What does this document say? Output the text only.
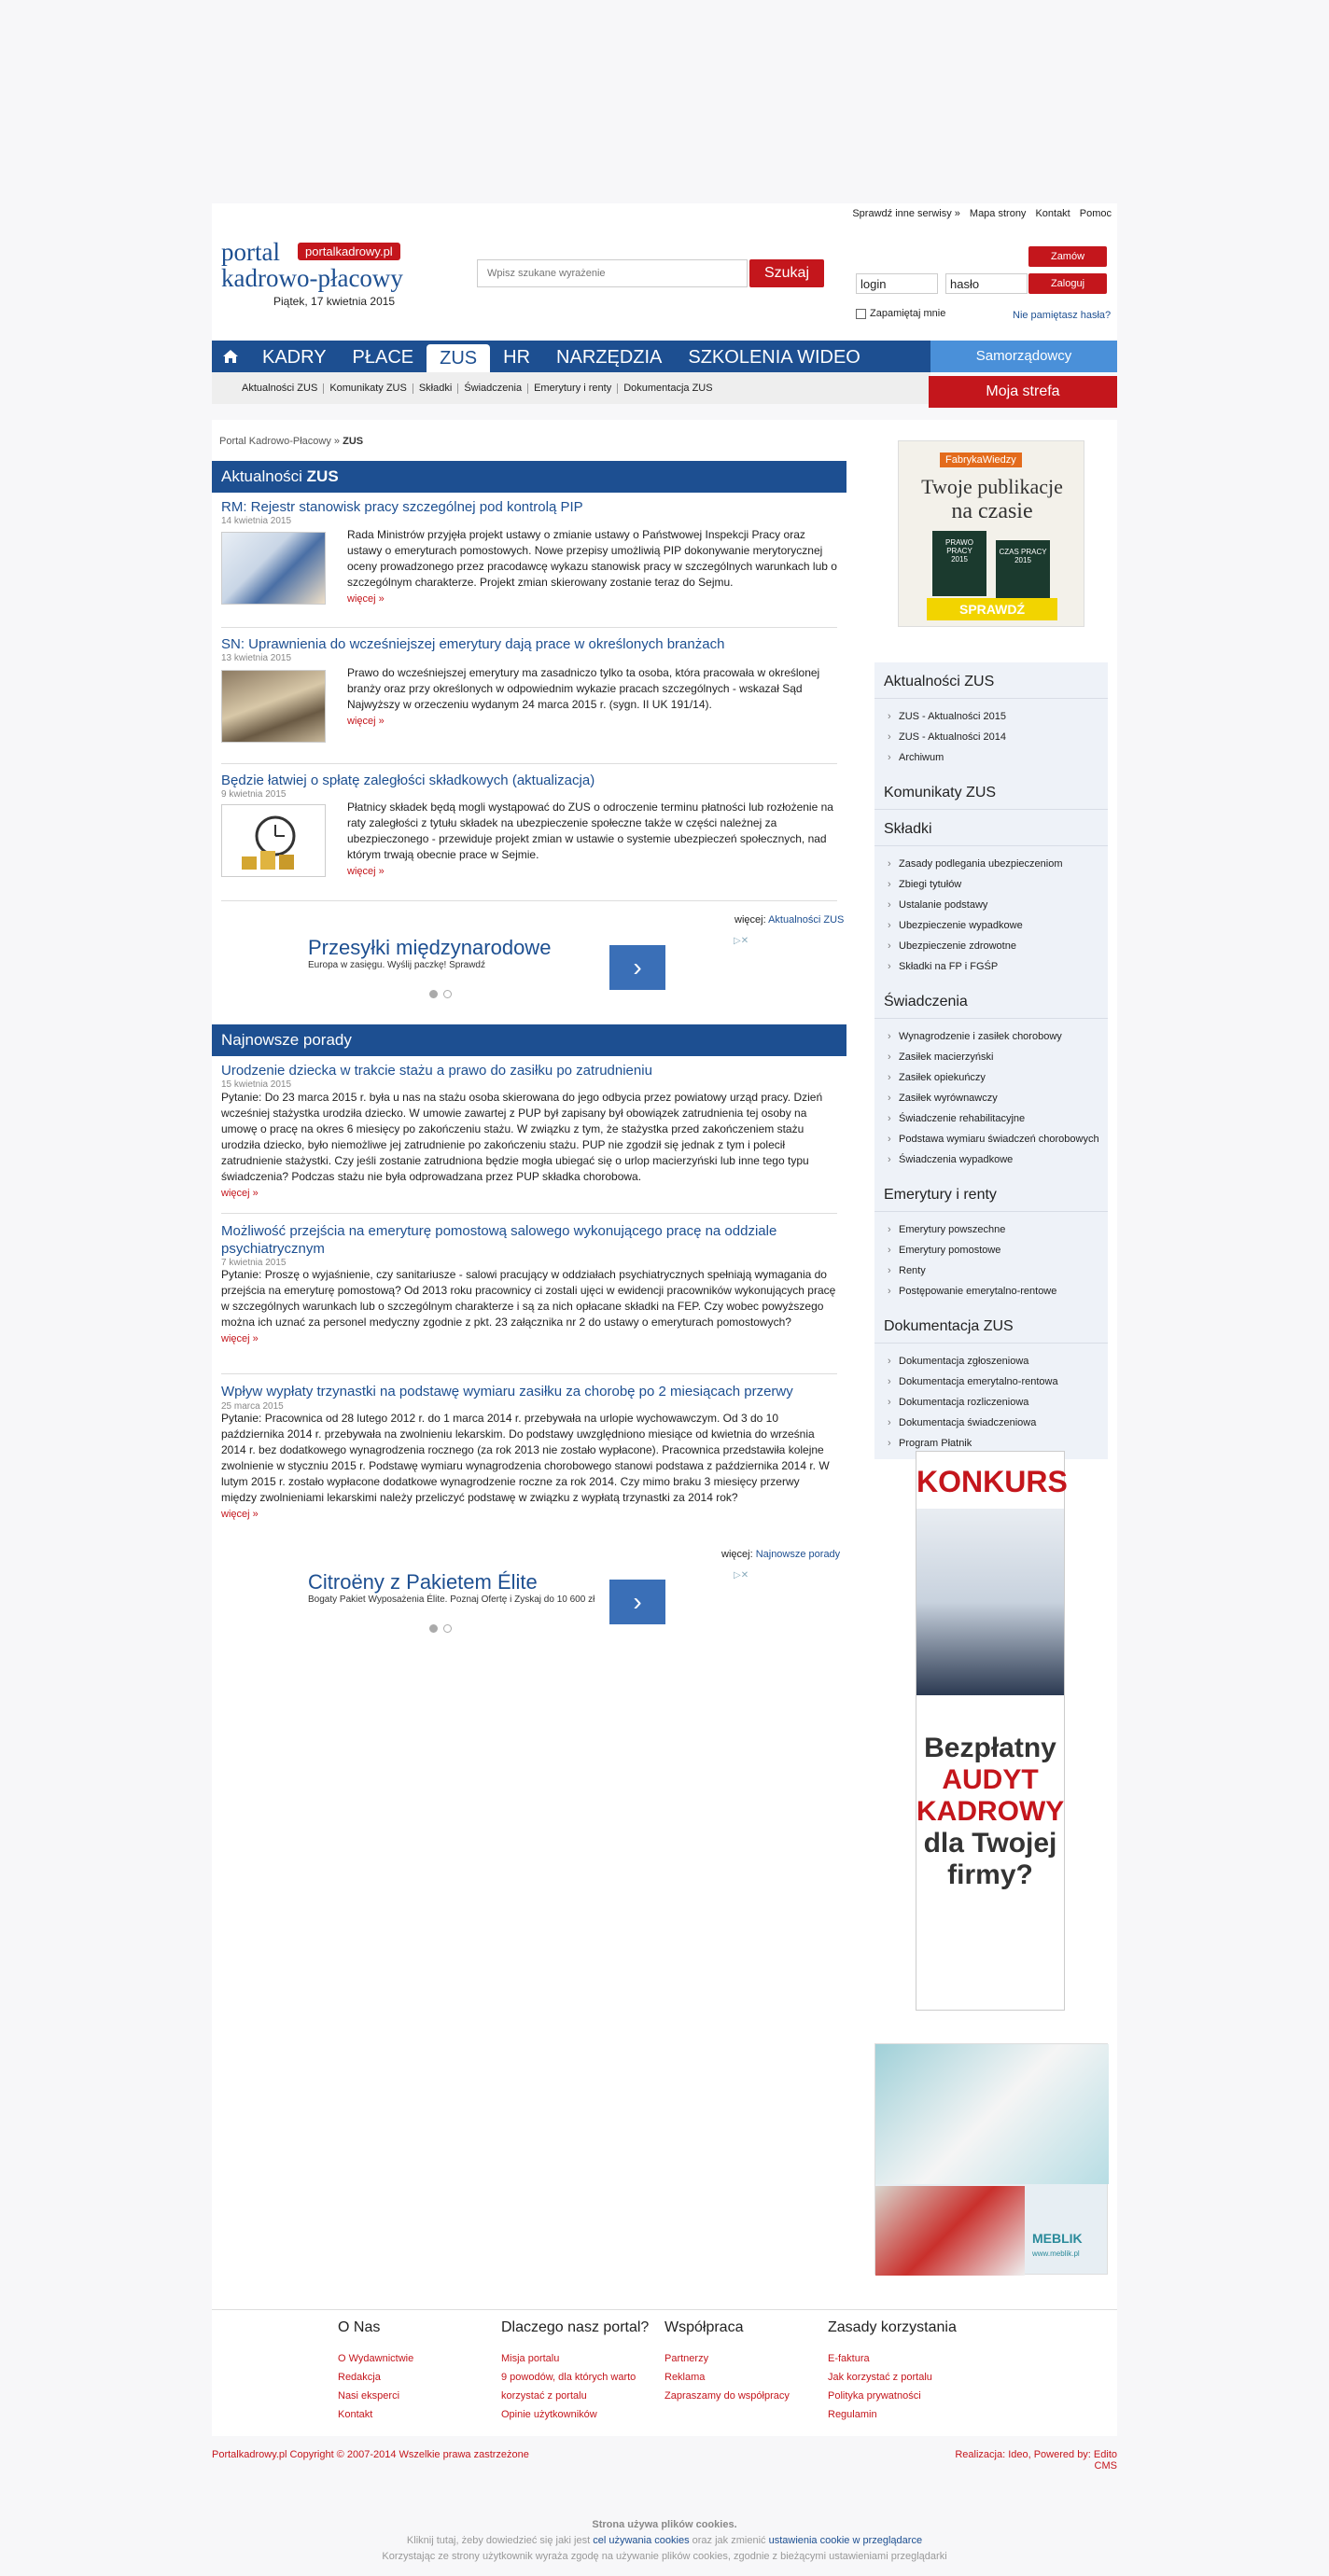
Sprawdź inne serwisy » Mapa strony Kontakt Pomoc
portal
kadrowo-płacowy
portalkadrowy.pl
Piątek, 17 kwietnia 2015
Wpisz szukane wyrażenie
Szukaj
Zamów
login
hasło
Zaloguj
Zapamiętaj mnie	Nie pamiętasz hasła?
KADRY	PŁACE	ZUS	HR	NARZĘDZIA	SZKOLENIA WIDEO	Samorządowcy
Aktualności ZUS	Komunikaty ZUS	Składki	Świadczenia	Emerytury i renty	Dokumentacja ZUS	Moja strefa
Portal Kadrowo-Płacowy » ZUS
Aktualności ZUS
RM: Rejestr stanowisk pracy szczególnej pod kontrolą PIP
14 kwietnia 2015
Rada Ministrów przyjęła projekt ustawy o zmianie ustawy o Państwowej Inspekcji Pracy oraz ustawy o emeryturach pomostowych. Nowe przepisy umożliwią PIP dokonywanie merytorycznej oceny prowadzonego przez pracodawcę wykazu stanowisk pracy w szczególnych warunkach lub o szczególnym charakterze. Projekt zmian skierowany zostanie teraz do Sejmu.
więcej »
SN: Uprawnienia do wcześniejszej emerytury dają prace w określonych branżach
13 kwietnia 2015
Prawo do wcześniejszej emerytury ma zasadniczo tylko ta osoba, która pracowała w określonej branży oraz przy określonych w odpowiednim wykazie pracach szczególnych - wskazał Sąd Najwyższy w orzeczeniu wydanym 24 marca 2015 r. (sygn. II UK 191/14).
więcej »
Będzie łatwiej o spłatę zaległości składkowych (aktualizacja)
9 kwietnia 2015
Płatnicy składek będą mogli wystąpować do ZUS o odroczenie terminu płatności lub rozłożenie na raty zaległości z tytułu składek na ubezpieczenie społeczne także w części należnej za ubezpieczonego - przewiduje projekt zmian w ustawie o systemie ubezpieczeń społecznych, nad którym trwają obecnie prace w Sejmie.
więcej »
więcej: Aktualności ZUS
Przesyłki międzynarodowe
Europa w zasięgu. Wyślij paczkę! Sprawdź	›
▷✕
Najnowsze porady
Urodzenie dziecka w trakcie stażu a prawo do zasiłku po zatrudnieniu
15 kwietnia 2015
Pytanie: Do 23 marca 2015 r. była u nas na stażu osoba skierowana do jego odbycia przez powiatowy urząd pracy. Dzień wcześniej stażystka urodziła dziecko. W umowie zawartej z PUP był zapisany był obowiązek zatrudnienia tej osoby na umowę o pracę na okres 6 miesięcy po zakończeniu stażu. W związku z tym, że stażystka przed zakończeniem stażu urodziła dziecko, było niemożliwe jej zatrudnienie po zakończeniu stażu. PUP nie zgodził się jednak z tym i polecił zatrudnienie stażystki. Czy jeśli zostanie zatrudniona będzie mogła ubiegać się o urlop macierzyński lub inne tego typu świadczenia? Podczas stażu nie była odprowadzana przez PUP składka chorobowa.
więcej »
Możliwość przejścia na emeryturę pomostową salowego wykonującego pracę na oddziale psychiatrycznym
7 kwietnia 2015
Pytanie: Proszę o wyjaśnienie, czy sanitariusze - salowi pracujący w oddziałach psychiatrycznych spełniają wymagania do przejścia na emeryturę pomostową? Od 2013 roku pracownicy ci zostali ujęci w ewidencji pracowników wykonujących pracę w szczególnych warunkach lub o szczególnym charakterze i są za nich opłacane składki na FEP. Czy wobec powyższego można ich uznać za personel medyczny zgodnie z pkt. 23 załącznika nr 2 do ustawy o emeryturach pomostowych?
więcej »
Wpływ wypłaty trzynastki na podstawę wymiaru zasiłku za chorobę po 2 miesiącach przerwy
25 marca 2015
Pytanie: Pracownica od 28 lutego 2012 r. do 1 marca 2014 r. przebywała na urlopie wychowawczym. Od 3 do 10 października 2014 r. przebywała na zwolnieniu lekarskim. Do podstawy uwzględniono miesiące od kwietnia do września 2014 r. bez dodatkowego wynagrodzenia rocznego (za rok 2013 nie zostało wypłacone). Pracownica przedstawiła kolejne zwolnienie w styczniu 2015 r. Podstawę wymiaru wynagrodzenia chorobowego stanowi podstawa z października 2014 r. W lutym 2015 r. zostało wypłacone dodatkowe wynagrodzenie roczne za rok 2014. Czy mimo braku 3 miesięcy przerwy między zwolnieniami lekarskimi należy przeliczyć podstawę w związku z wypłatą trzynastki za 2014 rok?
więcej »
więcej: Najnowsze porady
Citroëny z Pakietem Élite
Bogaty Pakiet Wyposażenia Élite. Poznaj Ofertę i Zyskaj do 10 600 zł	›
▷✕
FabrykaWiedzy
Twoje publikacje
na czasie
PRAWO PRACY
2015
CZAS PRACY
2015
SPRAWDŹ
Aktualności ZUS
› ZUS - Aktualności 2015
› ZUS - Aktualności 2014
› Archiwum
Komunikaty ZUS
Składki
› Zasady podlegania ubezpieczeniom
› Zbiegi tytułów
› Ustalanie podstawy
› Ubezpieczenie wypadkowe
› Ubezpieczenie zdrowotne
› Składki na FP i FGŚP
Świadczenia
› Wynagrodzenie i zasiłek chorobowy
› Zasiłek macierzyński
› Zasiłek opiekuńczy
› Zasiłek wyrównawczy
› Świadczenie rehabilitacyjne
› Podstawa wymiaru świadczeń chorobowych
› Świadczenia wypadkowe
Emerytury i renty
› Emerytury powszechne
› Emerytury pomostowe
› Renty
› Postępowanie emerytalno-rentowe
Dokumentacja ZUS
› Dokumentacja zgłoszeniowa
› Dokumentacja emerytalno-rentowa
› Dokumentacja rozliczeniowa
› Dokumentacja świadczeniowa
› Program Płatnik
KONKURS
Bezpłatny
AUDYT
KADROWY
dla Twojej
firmy?
MEBLIK
www.meblik.pl
O Nas
O Wydawnictwie
Redakcja
Nasi eksperci
Kontakt
Dlaczego nasz portal?
Misja portalu
9 powodów, dla których warto
korzystać z portalu
Opinie użytkowników
Współpraca
Partnerzy
Reklama
Zapraszamy do współpracy
Zasady korzystania
E-faktura
Jak korzystać z portalu
Polityka prywatności
Regulamin
Portalkadrowy.pl Copyright © 2007-2014 Wszelkie prawa zastrzeżone	Realizacja: Ideo, Powered by: Edito CMS
Strona używa plików cookies.
Kliknij tutaj, żeby dowiedzieć się jaki jest cel używania cookies oraz jak zmienić ustawienia cookie w przeglądarce
Korzystając ze strony użytkownik wyraża zgodę na używanie plików cookies, zgodnie z bieżącymi ustawieniami przeglądarki
